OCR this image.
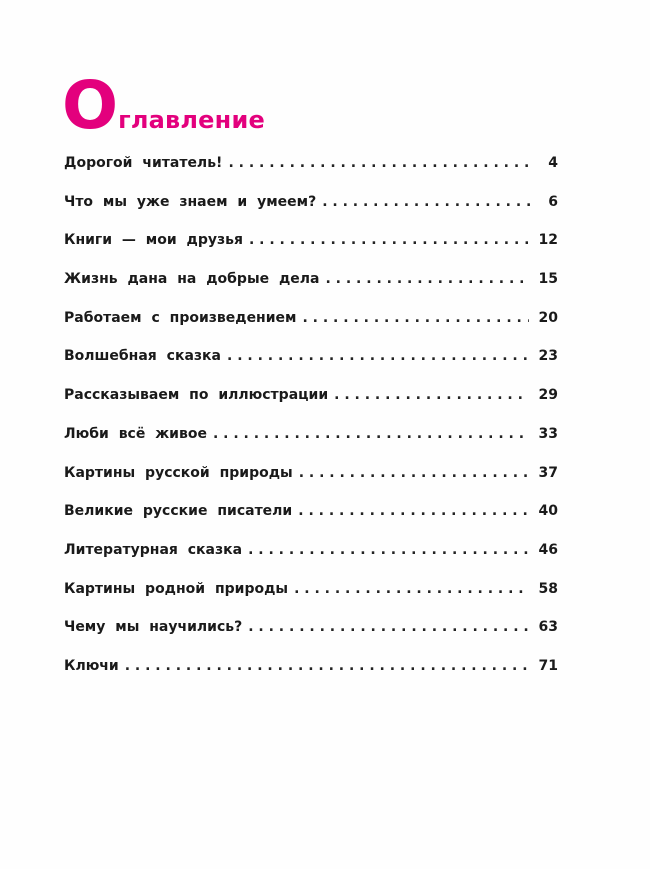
Оглавление
Дорогой читатель! . . .	4
Что мы уже знаем и умеем? . . .	6
Книги — мои друзья . . .	12
Жизнь дана на добрые дела . . .	15
Работаем с произведением . . .	20
Волшебная сказка . . .	23
Рассказываем по иллюстрации . . .	29
Люби всё живое . . .	33
Картины русской природы . . .	37
Великие русские писатели . . .	40
Литературная сказка . . .	46
Картины родной природы . . .	58
Чему мы научились? . . .	63
Ключи . . .	71
